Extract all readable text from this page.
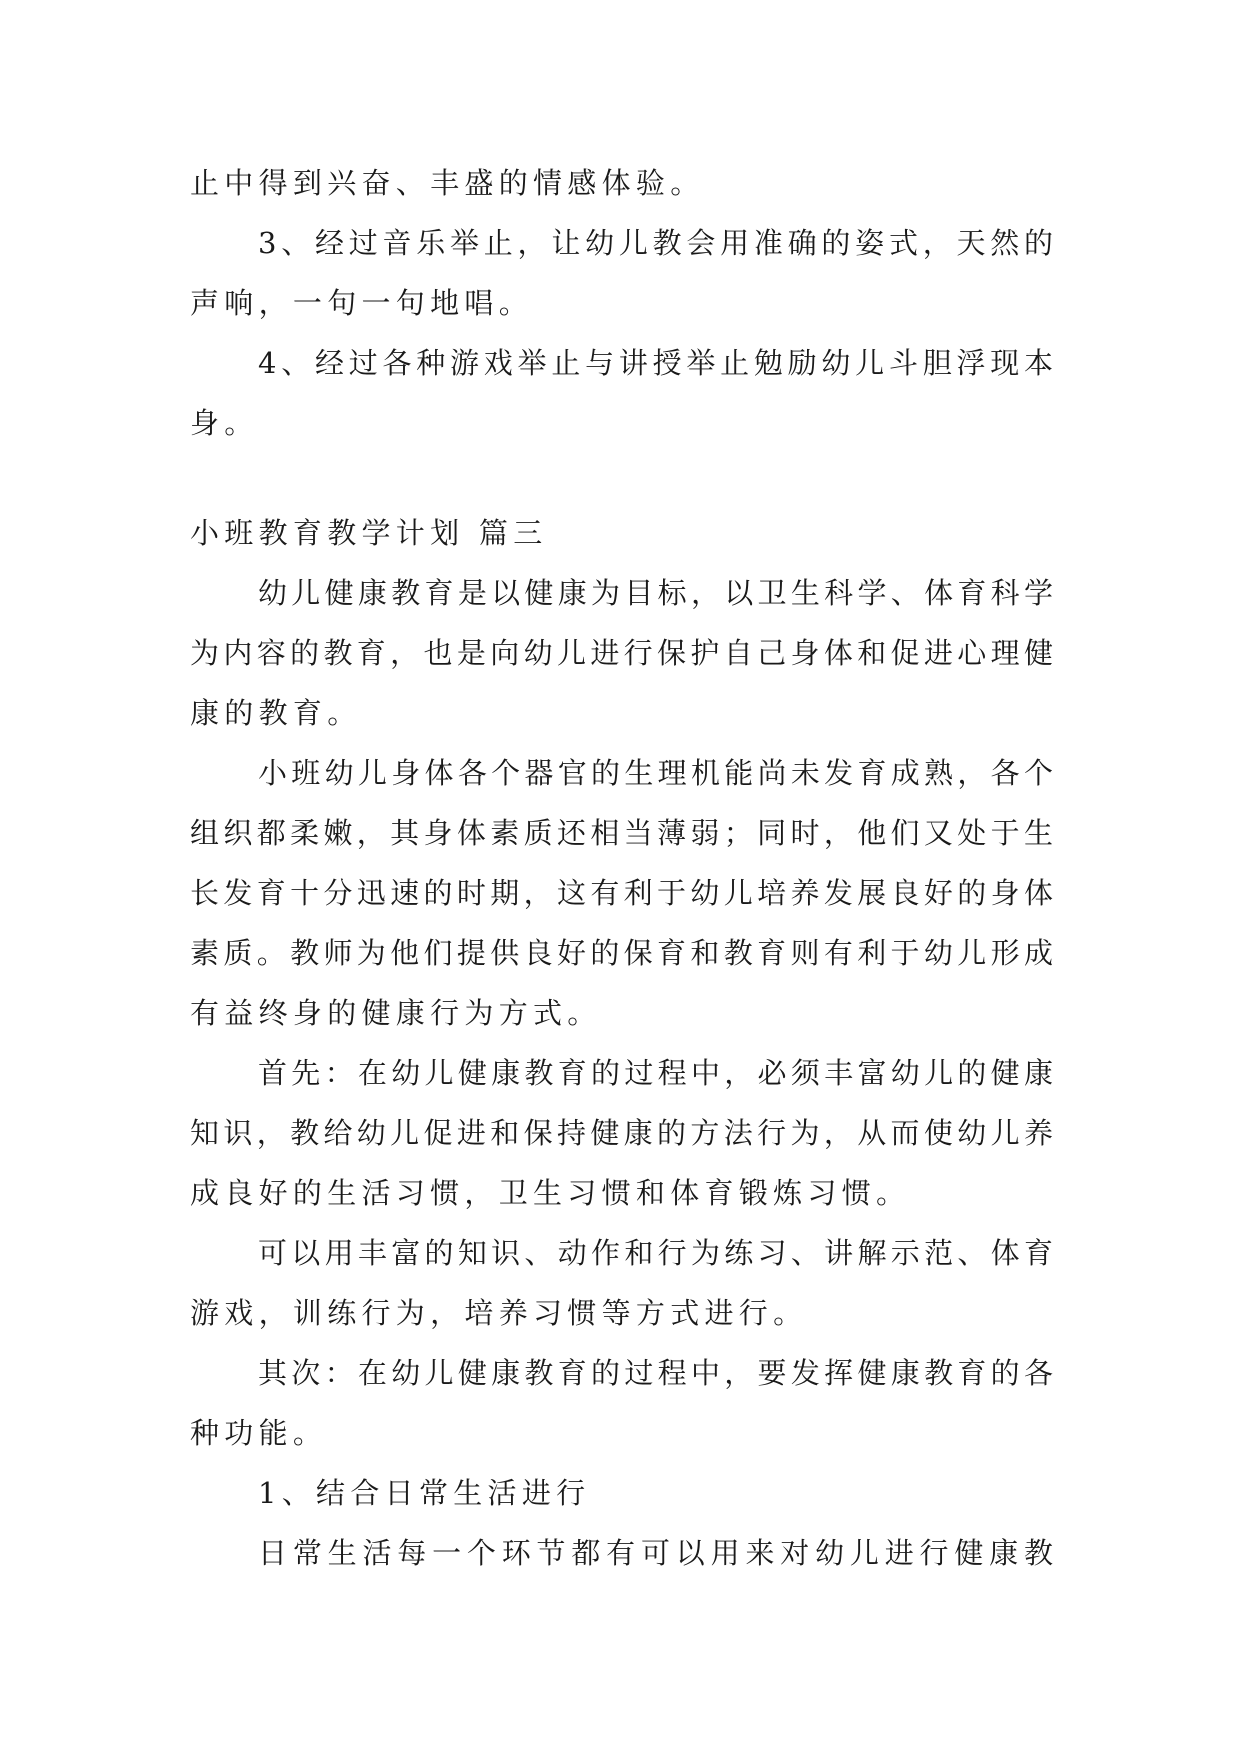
止中得到兴奋、丰盛的情感体验。
3、经过音乐举止，让幼儿教会用准确的姿式，天然的
声响，一句一句地唱。
4、经过各种游戏举止与讲授举止勉励幼儿斗胆浮现本
身。
小班教育教学计划 篇三
幼儿健康教育是以健康为目标，以卫生科学、体育科学
为内容的教育，也是向幼儿进行保护自己身体和促进心理健
康的教育。
小班幼儿身体各个器官的生理机能尚未发育成熟，各个
组织都柔嫩，其身体素质还相当薄弱；同时，他们又处于生
长发育十分迅速的时期，这有利于幼儿培养发展良好的身体
素质。教师为他们提供良好的保育和教育则有利于幼儿形成
有益终身的健康行为方式。
首先：在幼儿健康教育的过程中，必须丰富幼儿的健康
知识，教给幼儿促进和保持健康的方法行为，从而使幼儿养
成良好的生活习惯，卫生习惯和体育锻炼习惯。
可以用丰富的知识、动作和行为练习、讲解示范、体育
游戏，训练行为，培养习惯等方式进行。
其次：在幼儿健康教育的过程中，要发挥健康教育的各
种功能。
1、结合日常生活进行
日常生活每一个环节都有可以用来对幼儿进行健康教
